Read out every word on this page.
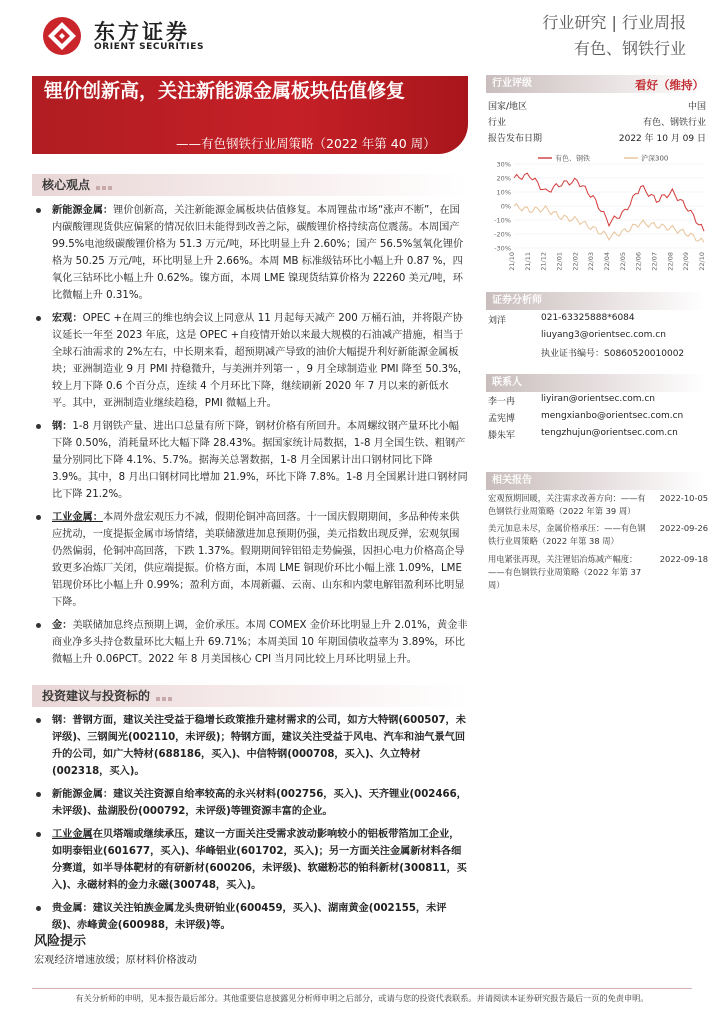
东方证券
ORIENT SECURITIES
行业研究 | 行业周报
有色、钢铁行业
锂价创新高，关注新能源金属板块估值修复
——有色钢铁行业周策略（2022 年第 40 周）
核心观点

新能源金属：锂价创新高，关注新能源金属板块估值修复。本周锂盐市场“涨声不断”，在国内碳酸锂现货供应偏紧的情况依旧未能得到改善之际，碳酸锂价格持续高位震荡。本周国产 99.5%电池级碳酸锂价格为 51.3 万元/吨，环比明显上升 2.60%；国产 56.5%氢氧化锂价格为 50.25 万元/吨，环比明显上升 2.66%。本周 MB 标准级钴环比小幅上升 0.87 %，四氧化三钴环比小幅上升 0.62%。镍方面，本周 LME 镍现货结算价格为 22260 美元/吨，环比微幅上升 0.31%。

宏观：OPEC +在周三的维也纳会议上同意从 11 月起每天减产 200 万桶石油，并将限产协议延长一年至 2023 年底，这是 OPEC +自疫情开始以来最大规模的石油减产措施，相当于全球石油需求的 2%左右，中长期来看，超预期减产导致的油价大幅提升利好新能源金属板块；亚洲制造业 9 月 PMI 持稳微升，与美洲并列第一 ，9 月全球制造业 PMI 降至 50.3%，较上月下降 0.6 个百分点，连续 4 个月环比下降，继续刷新 2020 年 7 月以来的新低水平。其中，亚洲制造业继续趋稳，PMI 微幅上升。

钢：1-8 月钢铁产量、进出口总量有所下降，钢材价格有所回升。本周螺纹钢产量环比小幅下降 0.50%，消耗量环比大幅下降 28.43%。据国家统计局数据，1-8 月全国生铁、粗钢产量分别同比下降 4.1%、5.7%。据海关总署数据，1-8 月全国累计出口钢材同比下降 3.9%。其中，8 月出口钢材同比增加 21.9%，环比下降 7.8%。1-8 月全国累计进口钢材同比下降 21.2%。

工业金属：本周外盘宏观压力不减，假期伦铜冲高回落。十一国庆假期期间，多品种传来供应扰动，一度提振金属市场情绪，美联储激进加息预期仍强，美元指数出现反弹，宏观氛围仍然偏弱，伦铜冲高回落，下跌 1.37%。假期期间锌铝铅走势偏强，因担心电力价格高企导致更多冶炼厂关闭，供应端提振。价格方面，本周 LME 铜现价环比小幅上涨 1.09%，LME 铝现价环比小幅上升 0.99%；盈利方面，本周新疆、云南、山东和内蒙电解铝盈利环比明显下降。

金：美联储加息终点预期上调，金价承压。本周 COMEX 金价环比明显上升 2.01%，黄金非商业净多头持仓数量环比大幅上升 69.71%；本周美国 10 年期国债收益率为 3.89%，环比微幅上升 0.06PCT。2022 年 8 月美国核心 CPI 当月同比较上月环比明显上升。

投资建议与投资标的

钢：普钢方面，建议关注受益于稳增长政策推升建材需求的公司，如方大特钢(600507，未评级)、三钢闽光(002110，未评级)；特钢方面，建议关注受益于风电、汽车和油气景气回升的公司，如广大特材(688186，买入)、中信特钢(000708，买入)、久立特材(002318，买入)。

新能源金属：建议关注资源自给率较高的永兴材料(002756，买入)、天齐锂业(002466，未评级)、盐湖股份(000792，未评级)等锂资源丰富的企业。

工业金属在贝塔端或继续承压，建议一方面关注受需求波动影响较小的铝板带箔加工企业，如明泰铝业(601677，买入)、华峰铝业(601702，买入)；另一方面关注金属新材料各细分赛道，如半导体靶材的有研新材(600206，未评级)、软磁粉芯的铂科新材(300811，买入)、永磁材料的金力永磁(300748，买入)。

贵金属：建议关注铂族金属龙头贵研铂业(600459，买入)、湖南黄金(002155，未评级)、赤峰黄金(600988，未评级)等。

风险提示
宏观经济增速放缓；原材料价格波动
有关分析师的申明，见本报告最后部分。其他重要信息披露见分析师申明之后部分，或请与您的投资代表联系。并请阅读本证券研究报告最后一页的免责申明。
行业评级	看好（维持）
国家/地区	中国
行业	有色、钢铁行业
报告发布日期	2022 年 10 月 09 日
30%
20%
10%
0%
-10%
-20%
-30%
21/10 21/11 21/12 22/01 22/02 22/03 22/04 22/05 22/06 22/07 22/08 22/09 22/10
有色、钢铁	沪深300
证券分析师
刘洋	021-63325888*6084
liuyang3@orientsec.com.cn
执业证书编号：S0860520010002
联系人
李一冉	liyiran@orientsec.com.cn
孟宪博	mengxianbo@orientsec.com.cn
滕朱军	tengzhujun@orientsec.com.cn
相关报告
宏观预期回暖，关注需求改善方向：——有色钢铁行业周策略（2022 年第 39 周）
2022-10-05
美元加息未尽，金属价格承压：——有色钢铁行业周策略（2022 年第 38 周）
2022-09-26
用电紧张再现，关注锂铝冶炼减产幅度：——有色钢铁行业周策略（2022 年第 37 周）
2022-09-18
